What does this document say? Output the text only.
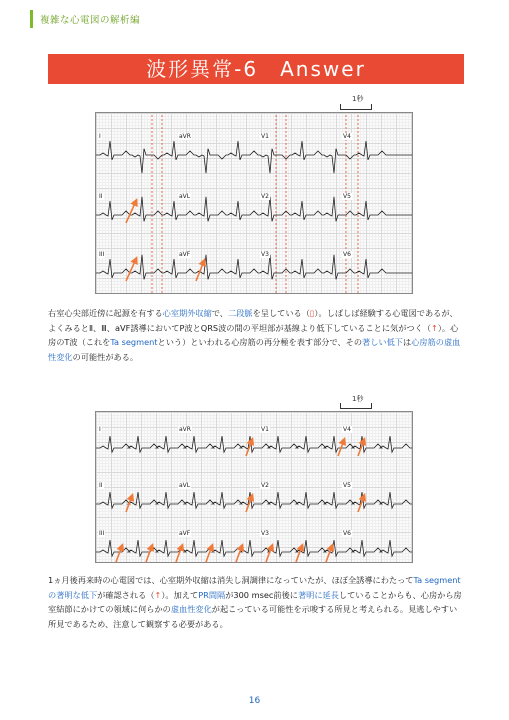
複雑な心電図の解析編
波形異常-6　Answer
1秒
I	aVR	V1	V4
II	aVL	V2	V5
III	aVF	V3	V6
右室心尖部近傍に起源を有する心室期外収縮で、二段脈を呈している（▯）。しばしば経験する心電図であるが、よくみるとⅡ、Ⅲ、aVF誘導においてP波とQRS波の間の平坦部が基線より低下していることに気がつく（↑）。心房のT波（これをTa segmentという）といわれる心房筋の再分極を表す部分で、その著しい低下は心房筋の虚血性変化の可能性がある。
1秒
I	aVR	V1	V4
II	aVL	V2	V5
III	aVF	V3	V6
1ヵ月後再来時の心電図では、心室期外収縮は消失し洞調律になっていたが、ほぼ全誘導にわたってTa segmentの著明な低下が確認される（↑）。加えてPR間隔が300 msec前後に著明に延長していることからも、心房から房室結節にかけての領域に何らかの虚血性変化が起こっている可能性を示唆する所見と考えられる。見逃しやすい所見であるため、注意して観察する必要がある。
16
